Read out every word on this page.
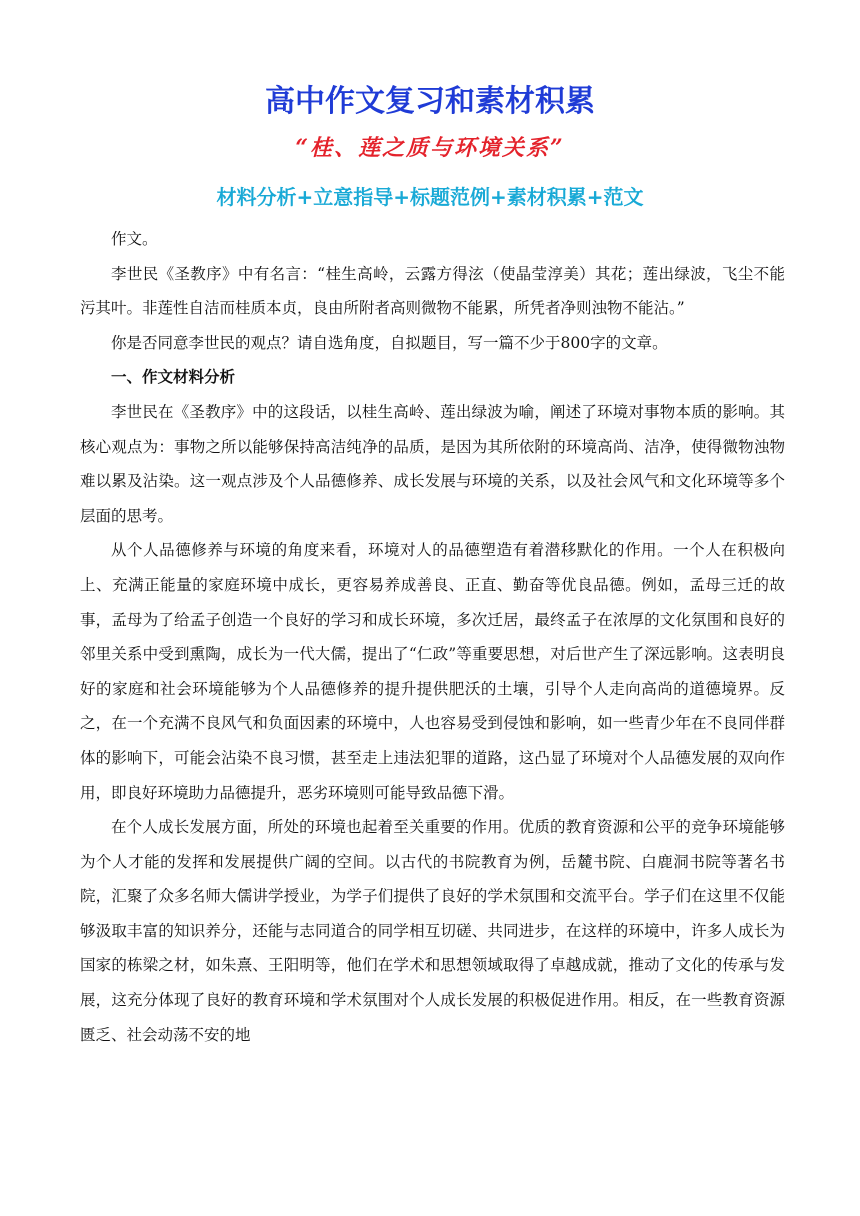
高中作文复习和素材积累
“桂、莲之质与环境关系”
材料分析+立意指导+标题范例+素材积累+范文

作文。

李世民《圣教序》中有名言：“桂生高岭，云露方得泫（使晶莹淳美）其花；莲出绿波，飞尘不能污其叶。非莲性自洁而桂质本贞，良由所附者高则微物不能累，所凭者净则浊物不能沾。”

你是否同意李世民的观点？请自选角度，自拟题目，写一篇不少于800字的文章。

一、作文材料分析

李世民在《圣教序》中的这段话，以桂生高岭、莲出绿波为喻，阐述了环境对事物本质的影响。其核心观点为：事物之所以能够保持高洁纯净的品质，是因为其所依附的环境高尚、洁净，使得微物浊物难以累及沾染。这一观点涉及个人品德修养、成长发展与环境的关系，以及社会风气和文化环境等多个层面的思考。

从个人品德修养与环境的角度来看，环境对人的品德塑造有着潜移默化的作用。一个人在积极向上、充满正能量的家庭环境中成长，更容易养成善良、正直、勤奋等优良品德。例如，孟母三迁的故事，孟母为了给孟子创造一个良好的学习和成长环境，多次迁居，最终孟子在浓厚的文化氛围和良好的邻里关系中受到熏陶，成长为一代大儒，提出了“仁政”等重要思想，对后世产生了深远影响。这表明良好的家庭和社会环境能够为个人品德修养的提升提供肥沃的土壤，引导个人走向高尚的道德境界。反之，在一个充满不良风气和负面因素的环境中，人也容易受到侵蚀和影响，如一些青少年在不良同伴群体的影响下，可能会沾染不良习惯，甚至走上违法犯罪的道路，这凸显了环境对个人品德发展的双向作用，即良好环境助力品德提升，恶劣环境则可能导致品德下滑。

在个人成长发展方面，所处的环境也起着至关重要的作用。优质的教育资源和公平的竞争环境能够为个人才能的发挥和发展提供广阔的空间。以古代的书院教育为例，岳麓书院、白鹿洞书院等著名书院，汇聚了众多名师大儒讲学授业，为学子们提供了良好的学术氛围和交流平台。学子们在这里不仅能够汲取丰富的知识养分，还能与志同道合的同学相互切磋、共同进步，在这样的环境中，许多人成长为国家的栋梁之材，如朱熹、王阳明等，他们在学术和思想领域取得了卓越成就，推动了文化的传承与发展，这充分体现了良好的教育环境和学术氛围对个人成长发展的积极促进作用。相反，在一些教育资源匮乏、社会动荡不安的地
